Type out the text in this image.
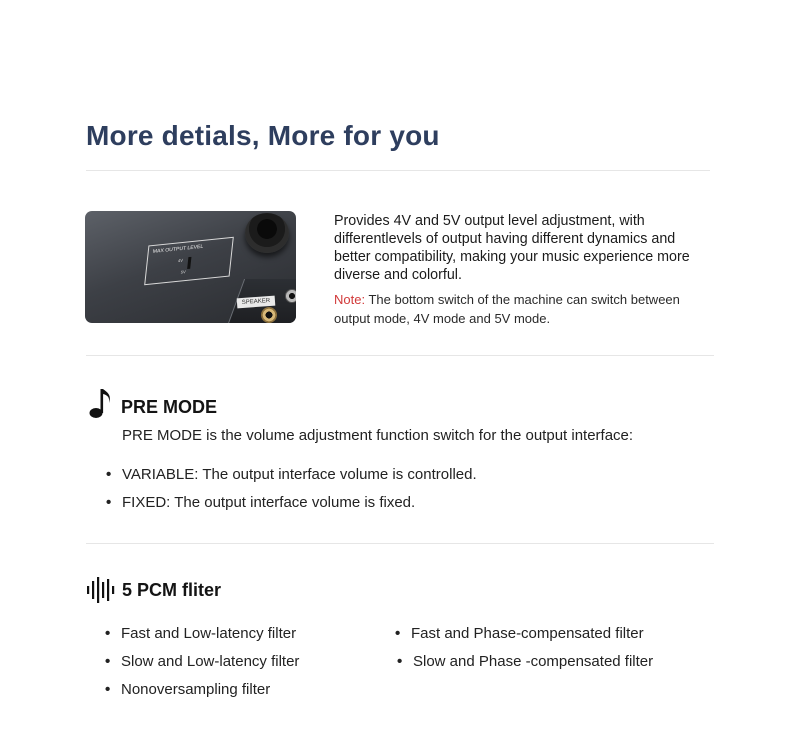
More detials, More for you
MAX OUTPUT LEVEL
4V
5V
SPEAKER
Provides 4V and 5V output level adjustment, with differentlevels of output having different dynamics and better compatibility, making your music experience more diverse and colorful.
Note: The bottom switch of the machine can switch between output mode, 4V mode and 5V mode.
PRE MODE
PRE MODE is the volume adjustment function switch for the output interface:
• VARIABLE: The output interface volume is controlled.
• FIXED: The output interface volume is fixed.
5 PCM fliter
• Fast and Low-latency filter
• Slow and Low-latency filter
• Nonoversampling filter
• Fast and Phase-compensated filter
• Slow and Phase -compensated filter
